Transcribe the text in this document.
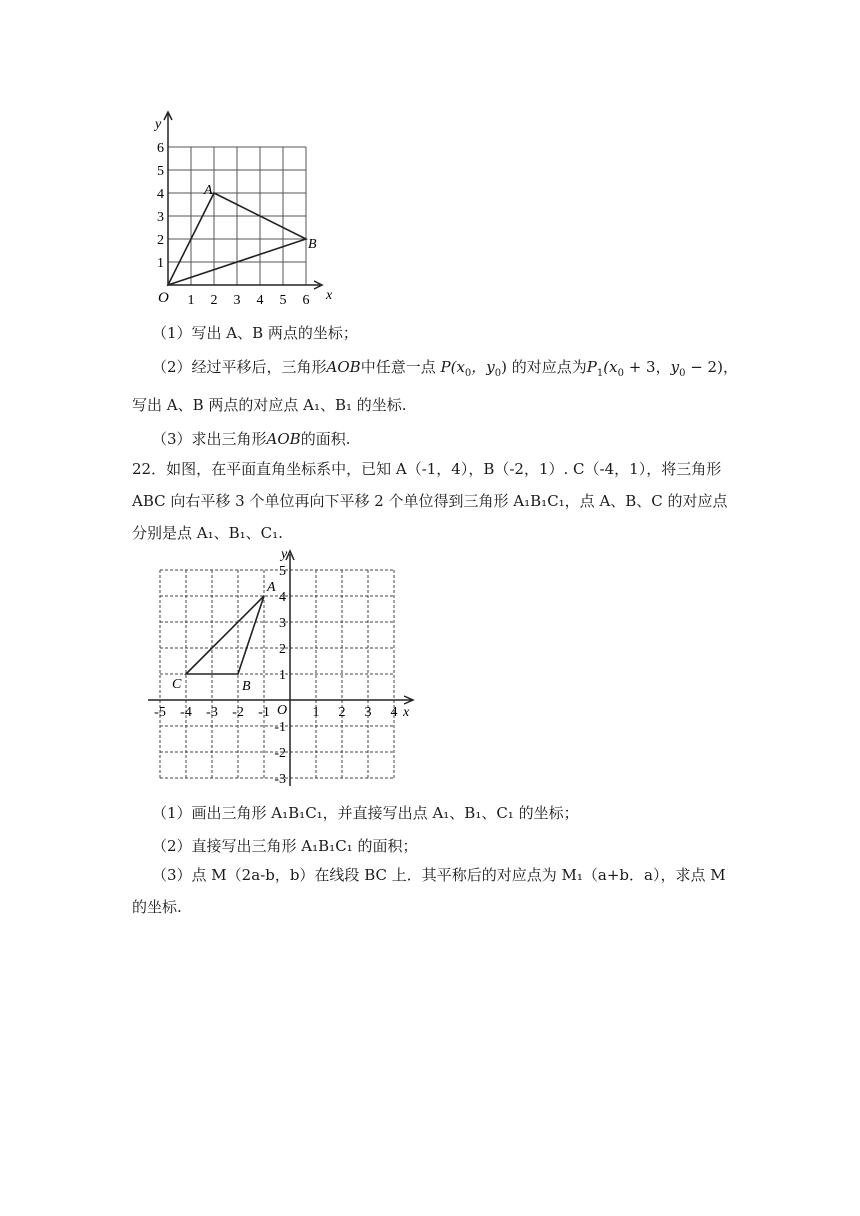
x
y
O 1 2 3 4 5 6
1
2
3
4
5
6
A
B
（1）写出 A、B 两点的坐标；
（2）经过平移后，三角形AOB中任意一点 $P(x_0$，$y_0$) 的对应点为$P_1(x_0 + 3$，$y_0 - 2$)，
写出 A、B 两点的对应点 A₁、B₁ 的坐标.
（3）求出三角形AOB的面积.
22．如图，在平面直角坐标系中，已知 A（-1，4），B（-2，1）. C（-4，1），将三角形
ABC 向右平移 3 个单位再向下平移 2 个单位得到三角形 A₁B₁C₁，点 A、B、C 的对应点
分别是点 A₁、B₁、C₁.
x
y
O
-5 -4 -3 -2 -1	1 2 3 4
5
4
3
2
1
-1
-2
-3
A
B
C
（1）画出三角形 A₁B₁C₁，并直接写出点 A₁、B₁、C₁ 的坐标；
（2）直接写出三角形 A₁B₁C₁ 的面积；
（3）点 M（2a-b，b）在线段 BC 上．其平称后的对应点为 M₁（a+b．a），求点 M
的坐标.
